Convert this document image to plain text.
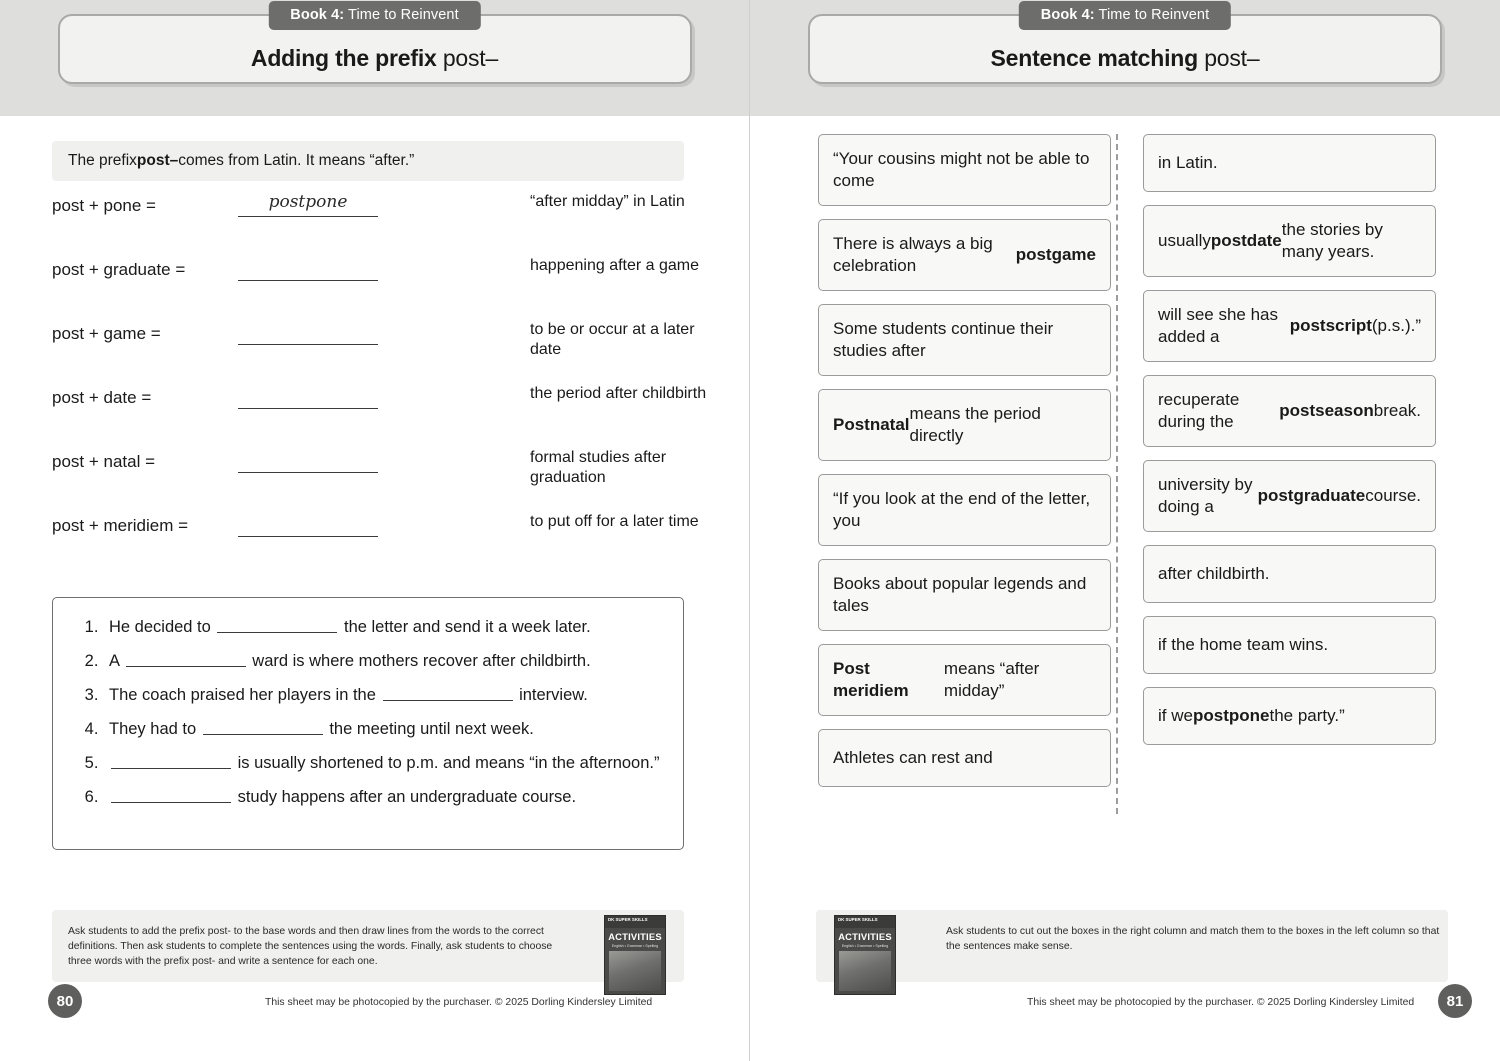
Book 4: Time to Reinvent
Adding the prefix post–
The prefix post– comes from Latin. It means “after.”
post + pone =	postpone	“after midday” in Latin
post + graduate =	happening after a game
post + game =	to be or occur at a later date
post + date =	the period after childbirth
post + natal =	formal studies after graduation
post + meridiem =	to put off for a later time
1. He decided to	the letter and send it a week later.
2. A	ward is where mothers recover after childbirth.
3. The coach praised her players in the	interview.
4. They had to	the meeting until next week.
5. is usually shortened to p.m. and means “in the afternoon.”
6. study happens after an undergraduate course.
Ask students to add the prefix post- to the base words and then draw lines from the words to the correct definitions. Then ask students to complete the sentences using the words. Finally, ask students to choose three words with the prefix post- and write a sentence for each one.
DK SUPER SKILLS
ACTIVITIES
English • Grammar • Spelling
This sheet may be photocopied by the purchaser. © 2025 Dorling Kindersley Limited
80
Book 4: Time to Reinvent
Sentence matching post–
“Your cousins might not be able to come
There is always a big celebration
postgame
Some students continue their studies after
Postnatal
means the period directly
“If you look at the end of the letter, you
Books about popular legends and tales
Post meridiem
means “after midday”
Athletes can rest and
in Latin.
usually postdate
the stories by many years.
will see she has added a
postscript (p.s.).”
recuperate during the
postseason break.
university by doing a
postgraduate course.
after childbirth.
if the home team wins.
if we postpone the party.”
DK SUPER SKILLS
ACTIVITIES
English • Grammar • Spelling
Ask students to cut out the boxes in the right column and match them to the boxes in the left column so that the sentences make sense.
This sheet may be photocopied by the purchaser. © 2025 Dorling Kindersley Limited	81
